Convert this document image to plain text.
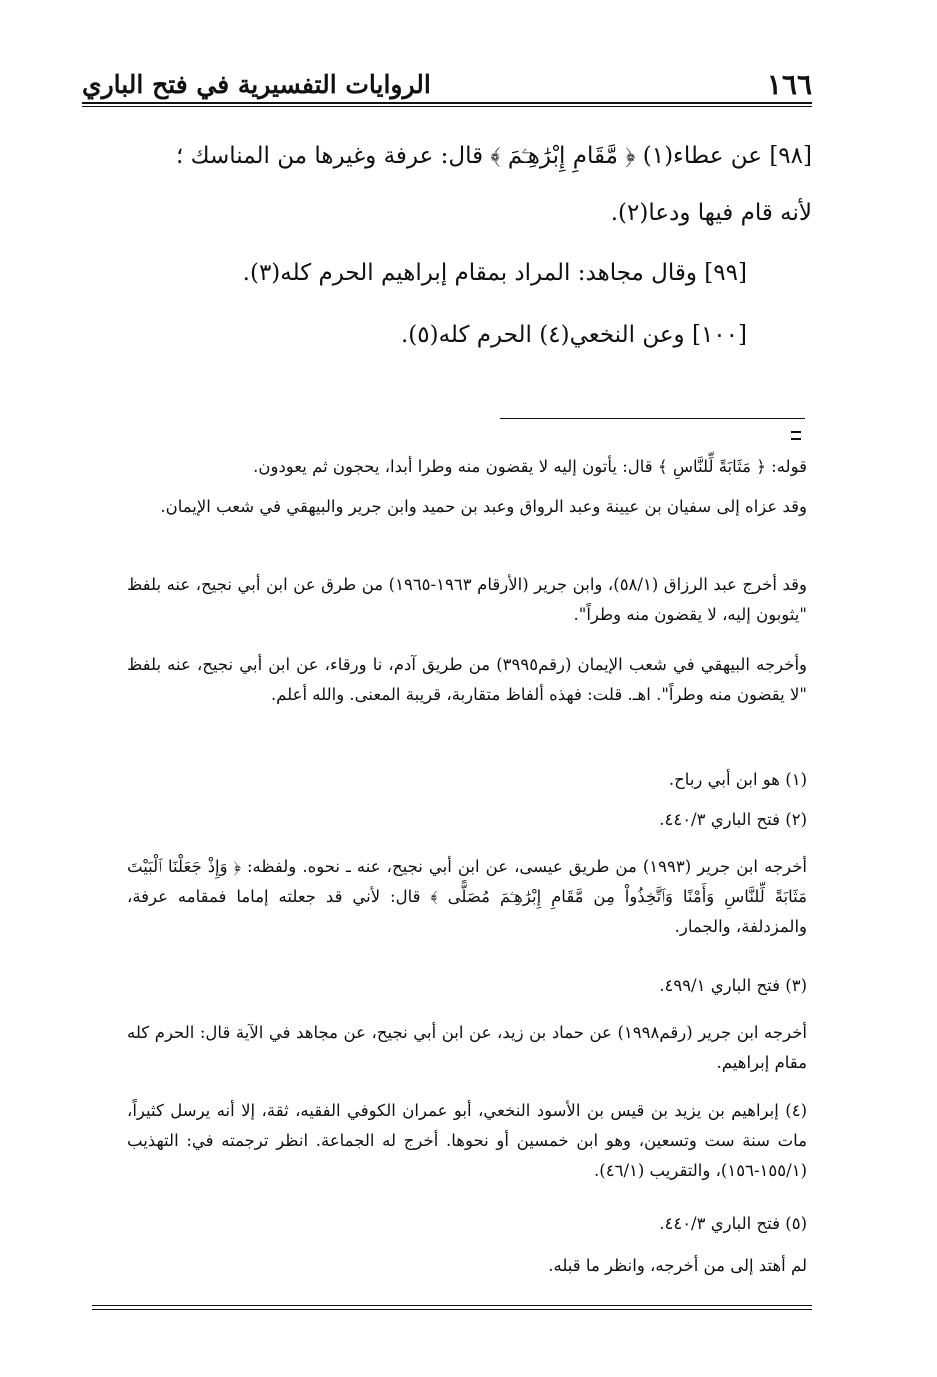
١٦٦
الروايات التفسيرية في فتح الباري
[٩٨] عن عطاء(١) ﴿ مَّقَامِ إِبْرَٰهِـۧمَ ﴾ قال: عرفة وغيرها من المناسك ؛
لأنه قام فيها ودعا(٢).
[٩٩] وقال مجاهد: المراد بمقام إبراهيم الحرم كله(٣).
[١٠٠] وعن النخعي(٤) الحرم كله(٥).
قوله: ﴿ مَثَابَةً لِّلنَّاسِ ﴾ قال: يأتون إليه لا يقضون منه وطرا أبدا، يحجون ثم يعودون.
وقد عزاه إلى سفيان بن عيينة وعبد الرواق وعبد بن حميد وابن جرير والبيهقي في شعب الإيمان.
وقد أخرج عبد الرزاق (٥٨/١)، وابن جرير (الأرقام ١٩٦٣-١٩٦٥) من طرق عن ابن أبي نجيح، عنه بلفظ "يثوبون إليه، لا يقضون منه وطراً".
وأخرجه البيهقي في شعب الإيمان (رقم٣٩٩٥) من طريق آدم، نا ورقاء، عن ابن أبي نجيح، عنه بلفظ "لا يقضون منه وطراً". اهـ. قلت: فهذه ألفاظ متقاربة، قريبة المعنى. والله أعلم.
(١) هو ابن أبي رباح.
(٢) فتح الباري ٤٤٠/٣.
أخرجه ابن جرير (١٩٩٣) من طريق عيسى، عن ابن أبي نجيح، عنه ـ نحوه. ولفظه: ﴿ وَإِذْ جَعَلْنَا ٱلْبَيْتَ مَثَابَةً لِّلنَّاسِ وَأَمْنًا وَٱتَّخِذُواْ مِن مَّقَامِ إِبْرَٰهِـۧمَ مُصَلًّى ﴾ قال: لأني قد جعلته إماما فمقامه عرفة، والمزدلفة، والجمار.
(٣) فتح الباري ٤٩٩/١.
أخرجه ابن جرير (رقم١٩٩٨) عن حماد بن زيد، عن ابن أبي نجيح، عن مجاهد في الآية قال: الحرم كله مقام إبراهيم.
(٤) إبراهيم بن يزيد بن قيس بن الأسود النخعي، أبو عمران الكوفي الفقيه، ثقة، إلا أنه يرسل كثيراً، مات سنة ست وتسعين، وهو ابن خمسين أو نحوها. أخرج له الجماعة. انظر ترجمته في: التهذيب (١٥٥/١-١٥٦)، والتقريب (٤٦/١).
(٥) فتح الباري ٤٤٠/٣.
لم أهتد إلى من أخرجه، وانظر ما قبله.
